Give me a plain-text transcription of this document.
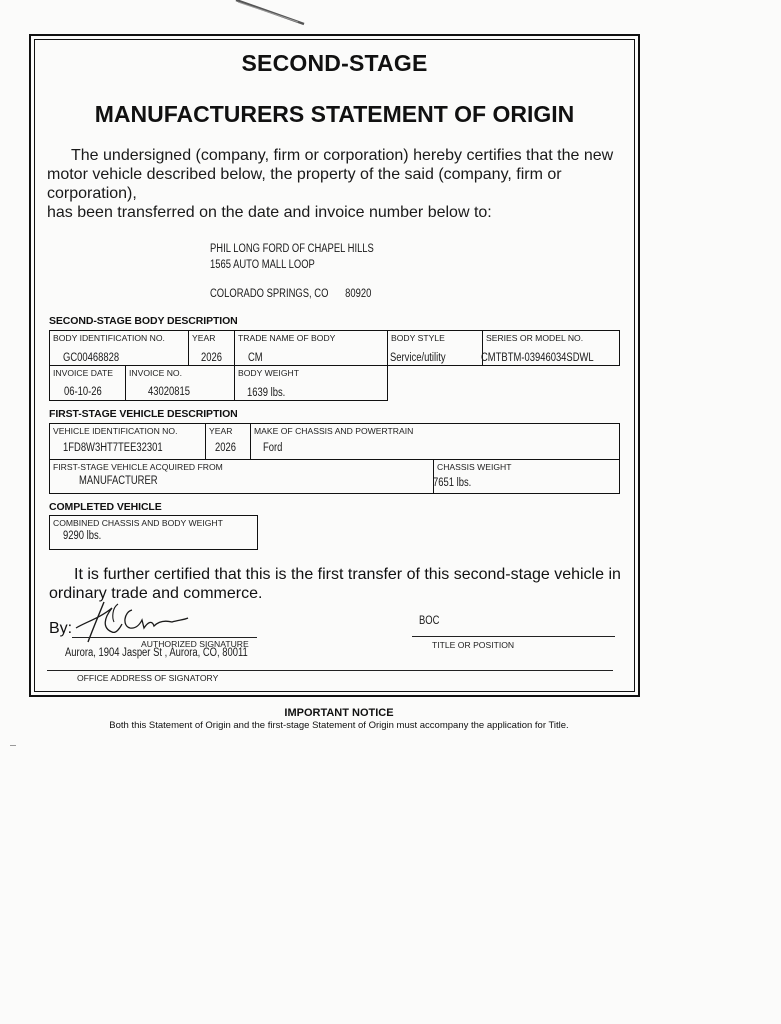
SECOND-STAGE
MANUFACTURERS STATEMENT OF ORIGIN
The undersigned (company, firm or corporation) hereby certifies that the new
motor vehicle described below, the property of the said (company, firm or corporation),
has been transferred on the date and invoice number below to:
PHIL LONG FORD OF CHAPEL HILLS
1565 AUTO MALL LOOP
COLORADO SPRINGS, CO 80920
SECOND-STAGE BODY DESCRIPTION
BODY IDENTIFICATION NO.
GC00468828
YEAR
2026
TRADE NAME OF BODY
CM
BODY STYLE
Service/utility
SERIES OR MODEL NO.
CMTBTM-03946034SDWL
INVOICE DATE
06-10-26
INVOICE NO.
43020815
BODY WEIGHT
1639 lbs.
FIRST-STAGE VEHICLE DESCRIPTION
VEHICLE IDENTIFICATION NO.
1FD8W3HT7TEE32301
YEAR
2026
MAKE OF CHASSIS AND POWERTRAIN
Ford
FIRST-STAGE VEHICLE ACQUIRED FROM
MANUFACTURER
CHASSIS WEIGHT
7651 lbs.
COMPLETED VEHICLE
COMBINED CHASSIS AND BODY WEIGHT
9290 lbs.
It is further certified that this is the first transfer of this second-stage vehicle in
ordinary trade and commerce.
By:
AUTHORIZED SIGNATURE
BOC
TITLE OR POSITION
Aurora, 1904 Jasper St , Aurora, CO, 80011
OFFICE ADDRESS OF SIGNATORY
IMPORTANT NOTICE
Both this Statement of Origin and the first-stage Statement of Origin must accompany the application for Title.
